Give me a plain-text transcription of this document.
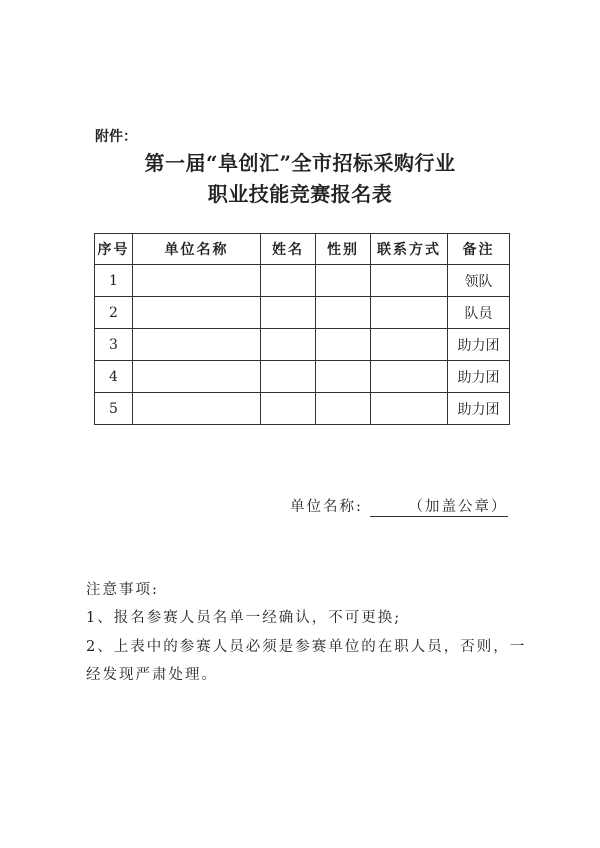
附件：
第一届“阜创汇”全市招标采购行业
职业技能竞赛报名表
序号	单位名称	姓名	性别	联系方式	备注
1					领队
2					队员
3					助力团
4					助力团
5					助力团
单位名称:	（加盖公章）
注意事项:
1、报名参赛人员名单一经确认，不可更换;
2、上表中的参赛人员必须是参赛单位的在职人员，否则，一
经发现严肃处理。
